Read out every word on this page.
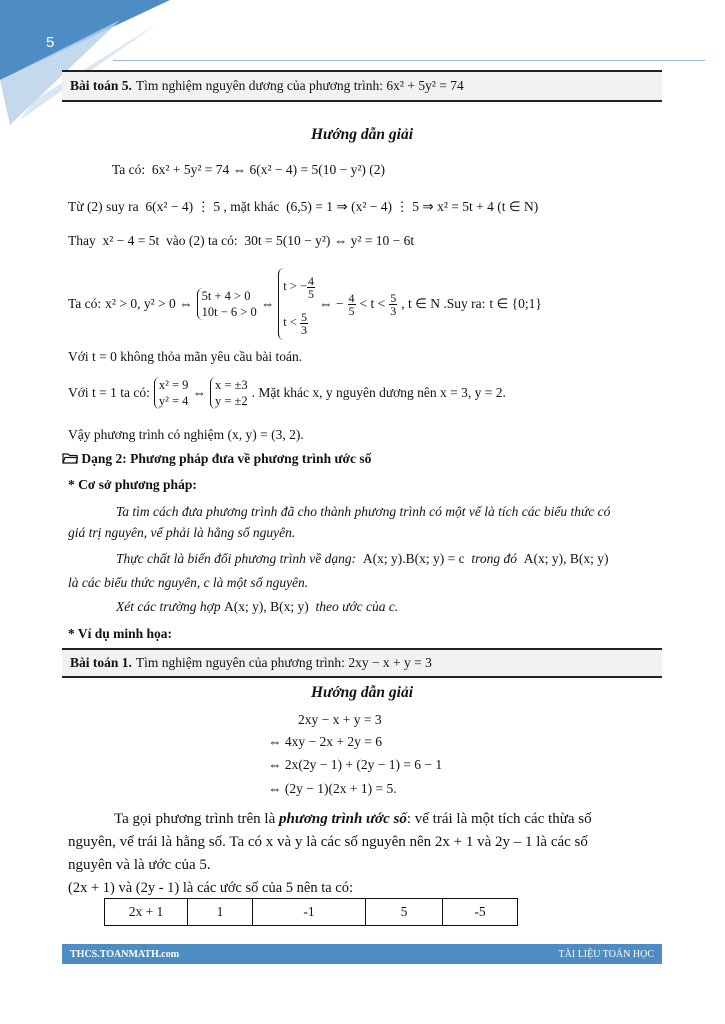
5
Bài toán 5. Tìm nghiệm nguyên dương của phương trình:
6x² + 5y² = 74
Hướng dẫn giải
Ta có: 6x² + 5y² = 74 ⇔ 6(x² − 4) = 5(10 − y²) (2)
Từ (2) suy ra 6(x² − 4) ⋮ 5 , mặt khác (6,5) = 1 ⇒ (x² − 4) ⋮ 5 ⇒ x² = 5t + 4 (t ∈ N)
Thay x² − 4 = 5t vào (2) ta có: 30t = 5(10 − y²) ⇔ y² = 10 − 6t
Ta có: x² > 0, y² > 0 ⇔ 5t + 4 > 0
10t − 6 > 0
⇔
t > − $\frac{4}{5}$

$t < \frac{5}{3}$
⇔ − $\frac{4}{5} < t < \frac{5}{3}$ , t ∈ N .Suy ra: t ∈ {0;1}
Với t = 0 không thỏa mãn yêu cầu bài toán.
Với t = 1 ta có: x² = 9
y² = 4
⇔ x = ±3
y = ±2
. Mặt khác x, y nguyên dương nên x = 3, y = 2.
Vậy phương trình có nghiệm (x, y) = (3, 2).
Dạng 2: Phương pháp đưa về phương trình ước số
* Cơ sở phương pháp:
Ta tìm cách đưa phương trình đã cho thành phương trình có một vế là tích các biểu thức có
giá trị nguyên, vế phải là hằng số nguyên.
Thực chất là biến đổi phương trình về dạng: A(x; y).B(x; y) = c trong đó A(x; y), B(x; y)
là các biểu thức nguyên, c là một số nguyên.
Xét các trường hợp A(x; y), B(x; y) theo ước của c.
* Ví dụ minh họa:
Bài toán 1. Tìm nghiệm nguyên của phương trình:
2xy − x + y = 3
Hướng dẫn giải
2xy − x + y = 3
⇔ 4xy − 2x + 2y = 6
⇔ 2x(2y − 1) + (2y − 1) = 6 − 1
⇔ (2y − 1)(2x + 1) = 5.
Ta gọi phương trình trên là phương trình ước số: vế trái là một tích các thừa số
nguyên, vế trái là hằng số. Ta có x và y là các số nguyên nên 2x + 1 và 2y – 1 là các số
nguyên và là ước của 5.
(2x + 1) và (2y - 1) là các ước số của 5 nên ta có:
2x + 1	1	-1	5	-5
THCS.TOANMATH.com	TÀI LIỆU TOÁN HỌC
